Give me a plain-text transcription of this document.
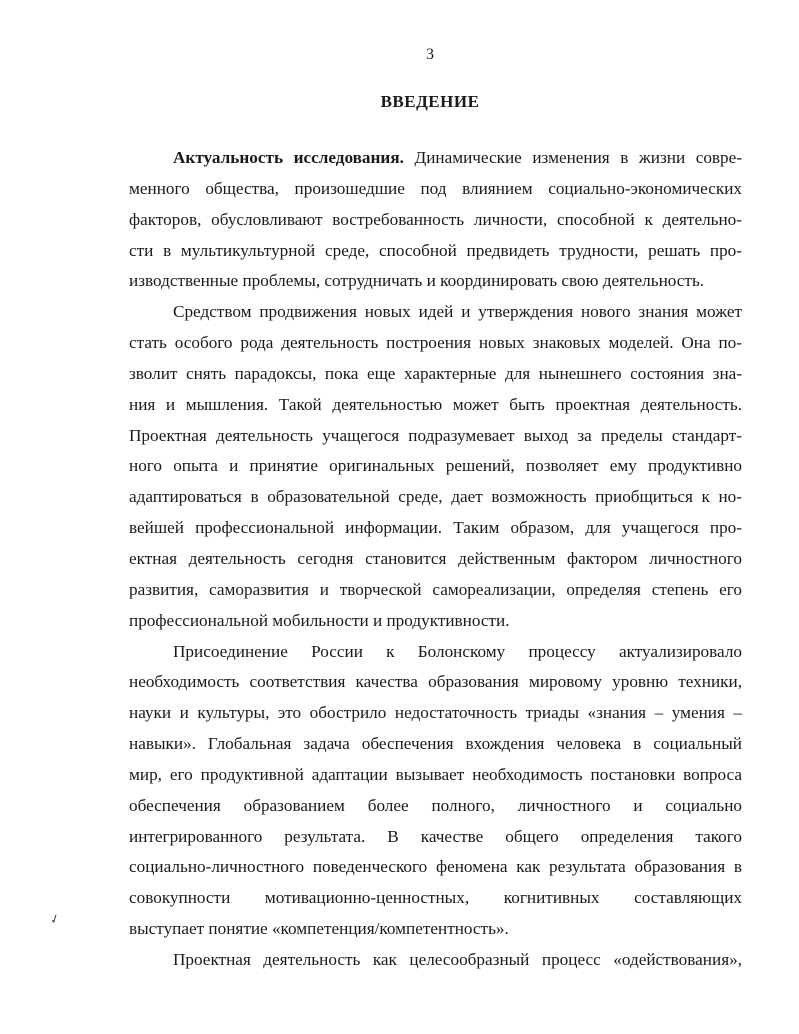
3
ВВЕДЕНИЕ
✓
Актуальность исследования. Динамические изменения в жизни совре-
менного общества, произошедшие под влиянием социально-экономических
факторов, обусловливают востребованность личности, способной к деятельно-
сти в мультикультурной среде, способной предвидеть трудности, решать про-
изводственные проблемы, сотрудничать и координировать свою деятельность.
Средством продвижения новых идей и утверждения нового знания может
стать особого рода деятельность построения новых знаковых моделей. Она по-
зволит снять парадоксы, пока еще характерные для нынешнего состояния зна-
ния и мышления. Такой деятельностью может быть проектная деятельность.
Проектная деятельность учащегося подразумевает выход за пределы стандарт-
ного опыта и принятие оригинальных решений, позволяет ему продуктивно
адаптироваться в образовательной среде, дает возможность приобщиться к но-
вейшей профессиональной информации. Таким образом, для учащегося про-
ектная деятельность сегодня становится действенным фактором личностного
развития, саморазвития и творческой самореализации, определяя степень его
профессиональной мобильности и продуктивности.
Присоединение России к Болонскому процессу актуализировало
необходимость соответствия качества образования мировому уровню техники,
науки и культуры, это обострило недостаточность триады «знания – умения –
навыки». Глобальная задача обеспечения вхождения человека в социальный
мир, его продуктивной адаптации вызывает необходимость постановки вопроса
обеспечения образованием более полного, личностного и социально
интегрированного результата. В качестве общего определения такого
социально-личностного поведенческого феномена как результата образования в
совокупности мотивационно-ценностных, когнитивных составляющих
выступает понятие «компетенция/компетентность».
Проектная деятельность как целесообразный процесс «одействования»,
